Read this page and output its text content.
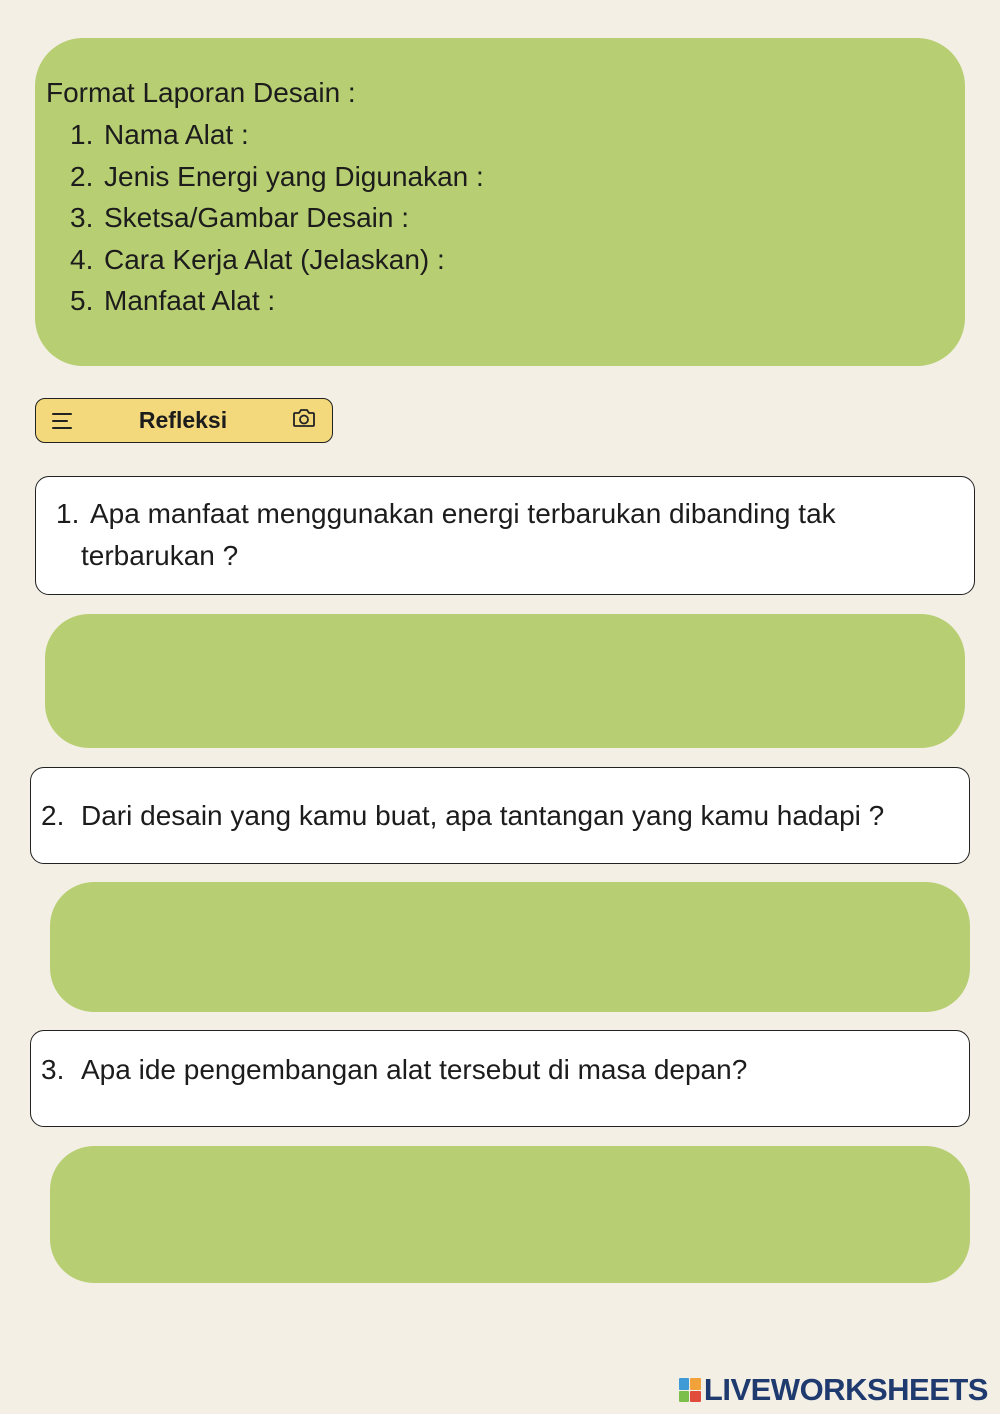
Format Laporan Desain :
1. Nama Alat :
2. Jenis Energi yang Digunakan :
3. Sketsa/Gambar Desain :
4. Cara Kerja Alat (Jelaskan) :
5. Manfaat Alat :
Refleksi
1. Apa manfaat menggunakan energi terbarukan dibanding tak
terbarukan ?
2. Dari desain yang kamu buat, apa tantangan yang kamu hadapi ?
3. Apa ide pengembangan alat tersebut di masa depan?
LIVEWORKSHEETS
